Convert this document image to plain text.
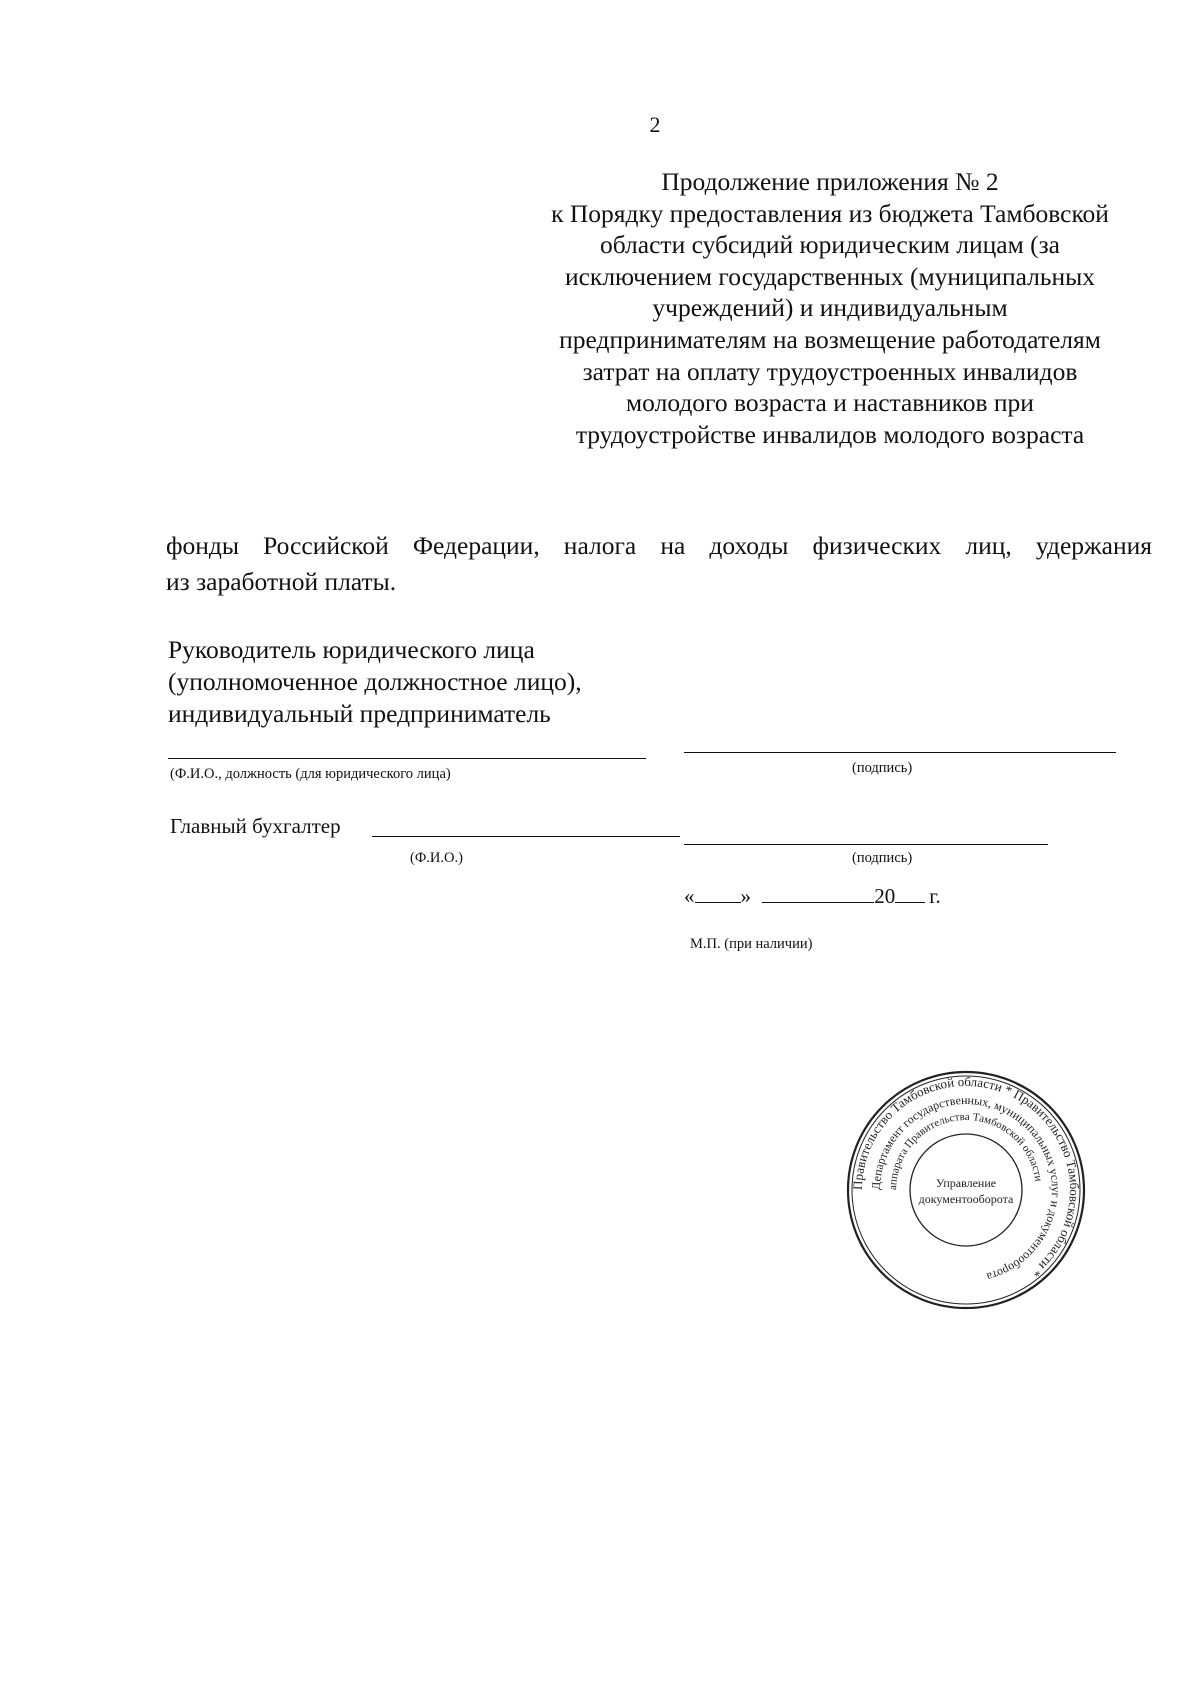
2
Продолжение приложения № 2
к Порядку предоставления из бюджета Тамбовской
области субсидий юридическим лицам (за
исключением государственных (муниципальных
учреждений) и индивидуальным
предпринимателям на возмещение работодателям
затрат на оплату трудоустроенных инвалидов
молодого возраста и наставников при
трудоустройстве инвалидов молодого возраста
фонды Российской Федерации, налога на доходы физических лиц, удержания
из заработной платы.
Руководитель юридического лица
(уполномоченное должностное лицо),
индивидуальный предприниматель
(Ф.И.О., должность (для юридического лица)	(подпись)
Главный бухгалтер
(Ф.И.О.)	(подпись)
« »	20 г.
М.П. (при наличии)
Правительство Тамбовской области * Правительство Тамбовской области *
Департамент государственных, муниципальных услуг и документооборота
аппарата Правительства Тамбовской области
Управление
документооборота
